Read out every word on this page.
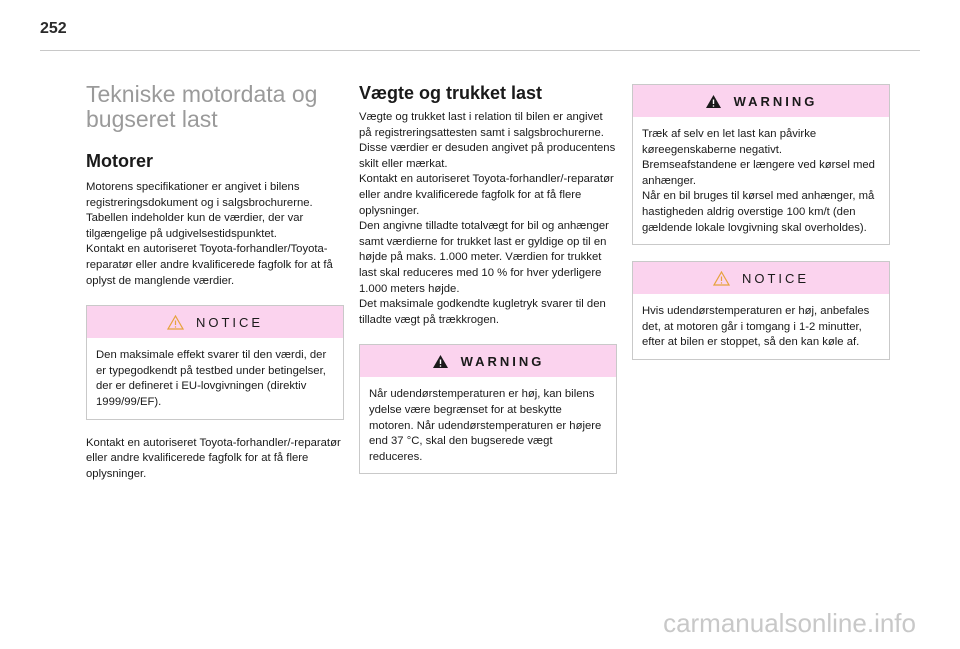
252
Tekniske motordata og bugseret last
Motorer

Motorens specifikationer er angivet i bilens registreringsdokument og i salgsbrochurerne.
Tabellen indeholder kun de værdier, der var tilgængelige på udgivelsestidspunktet.
Kontakt en autoriseret Toyota-forhandler/Toyota-reparatør eller andre kvalificerede fagfolk for at få oplyst de manglende værdier.

NOTICE
Den maksimale effekt svarer til den værdi, der er typegodkendt på testbed under betingelser, der er defineret i EU-lovgivningen (direktiv 1999/99/EF).

Kontakt en autoriseret Toyota-forhandler/-reparatør eller andre kvalificerede fagfolk for at få flere oplysninger.

Vægte og trukket last

Vægte og trukket last i relation til bilen er angivet på registreringsattesten samt i salgsbrochurerne.
Disse værdier er desuden angivet på producentens skilt eller mærkat.
Kontakt en autoriseret Toyota-forhandler/-reparatør eller andre kvalificerede fagfolk for at få flere oplysninger.
Den angivne tilladte totalvægt for bil og anhænger samt værdierne for trukket last er gyldige op til en højde på maks. 1.000 meter. Værdien for trukket last skal reduceres med 10 % for hver yderligere 1.000 meters højde.
Det maksimale godkendte kugletryk svarer til den tilladte vægt på trækkrogen.

WARNING
Når udendørstemperaturen er høj, kan bilens ydelse være begrænset for at beskytte motoren. Når udendørstemperaturen er højere end 37 °C, skal den bugserede vægt reduceres.
WARNING
Træk af selv en let last kan påvirke køreegenskaberne negativt.
Bremseafstandene er længere ved kørsel med anhænger.
Når en bil bruges til kørsel med anhænger, må hastigheden aldrig overstige 100 km/t (den gældende lokale lovgivning skal overholdes).
NOTICE
Hvis udendørstemperaturen er høj, anbefales det, at motoren går i tomgang i 1-2 minutter, efter at bilen er stoppet, så den kan køle af.
carmanualsonline.info
